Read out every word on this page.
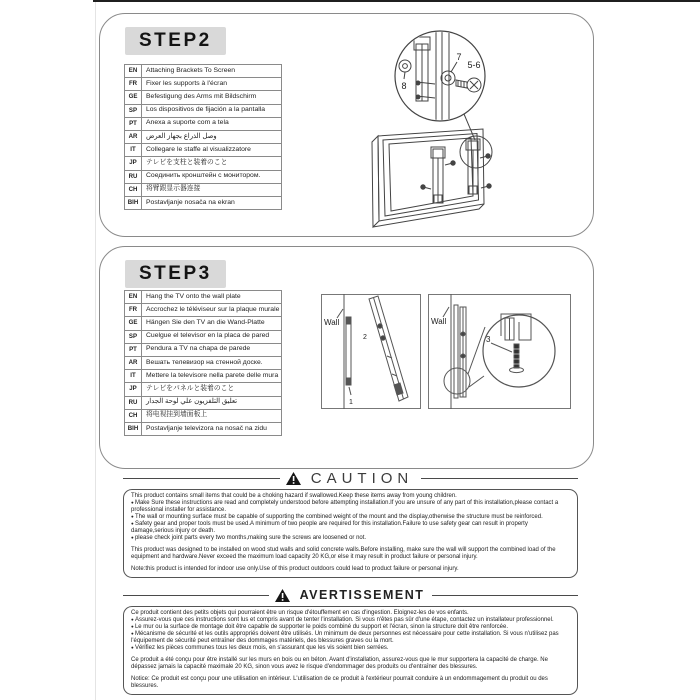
STEP2
EN	Attaching Brackets To Screen
FR	Fixer les supports à l'écran
GE	Befestigung des Arms mit Bildschirm
SP	Los dispositivos de fijación a la pantalla
PT	Anexa a suporte com a tela
AR	وصل الذراع بجهاز العرض
IT	Collegare le staffe al visualizzatore
JP	テレビを支柱と装着のこと
RU	Соединить кронштейн с монитором.
CH	将臂跟显示器连接
BIH	Postavljanje nosača na ekran
7
5-6
8
STEP3
EN	Hang the TV onto the wall plate
FR	Accrochez le téléviseur sur la plaque murale
GE	Hängen Sie den TV an die Wand-Platte
SP	Cuelgue el televisor en la placa de pared
PT	Pendura a TV na chapa de parede
AR	Вешать телевизор на стенной доске.
IT	Mettere la televisore nella parete delle mura
JP	テレビをパネルと装着のこと
RU	تعليق التلفزيون علي لوحة الجدار
CH	将电视挂到墙面板上
BIH	Postavljanje televizora na nosač na zidu
Wall
1
2
Wall
3
CAUTION

This product contains small items that could be a choking hazard if swallowed.Keep these items away from young children.

● Make Sure these instructions are read and completely understood before attempting installation.If you are unsure of any part of this installation,please contact a professional installer for assistance.

● The wall or mounting surface must be capable of supporting the combined weight of the mount and the display,otherwise the structure must be reinforced.

● Safety gear and proper tools must be used.A minimum of two people are required for this installation.Failure to use safety gear can result in property damage,serious injury or death.

● please check joint parts every two months,making sure the screws are loosened or not.

This product was designed to be installed on wood stud walls and solid concrete walls.Before installing, make sure the wall will support the combined load of the equipment and hardware.Never exceed the maximum load capacity 20 KG,or else it may result in product failure or personal injury.

Note:this product is intended for indoor use only.Use of this product outdoors could lead to product failure or personal injury.

AVERTISSEMENT

Ce produit contient des petits objets qui pourraient être un risque d'étouffement en cas d'ingestion. Eloignez-les de vos enfants.

● Assurez-vous que ces instructions sont lus et compris avant de tenter l'installation. Si vous n'êtes pas sûr d'une étape, contactez un installateur professionnel.

● Le mur ou la surface de montage doit être capable de supporter le poids combiné du support et l'écran, sinon la structure doit être renforcée.

● Mécanisme de sécurité et les outils appropriés doivent être utilisés. Un minimum de deux personnes est nécessaire pour cette installation. Si vous n'utilisez pas l'équipement de sécurité peut entraîner des dommages matériels, des blessures graves ou la mort.

● Vérifiez les pièces communes tous les deux mois, en s'assurant que les vis soient bien serrées.

Ce produit a été conçu pour être installé sur les murs en bois ou en béton. Avant d'installation, assurez-vous que le mur supportera la capacité de charge. Ne dépassez jamais la capacité maximale 20 KG, sinon vous avez le risque d'endommager des produits ou d'entraîner des blessures.

Notice: Ce produit est conçu pour une utilisation en intérieur. L'utilisation de ce produit à l'extérieur pourrait conduire à un endommagement du produit ou des blessures.
